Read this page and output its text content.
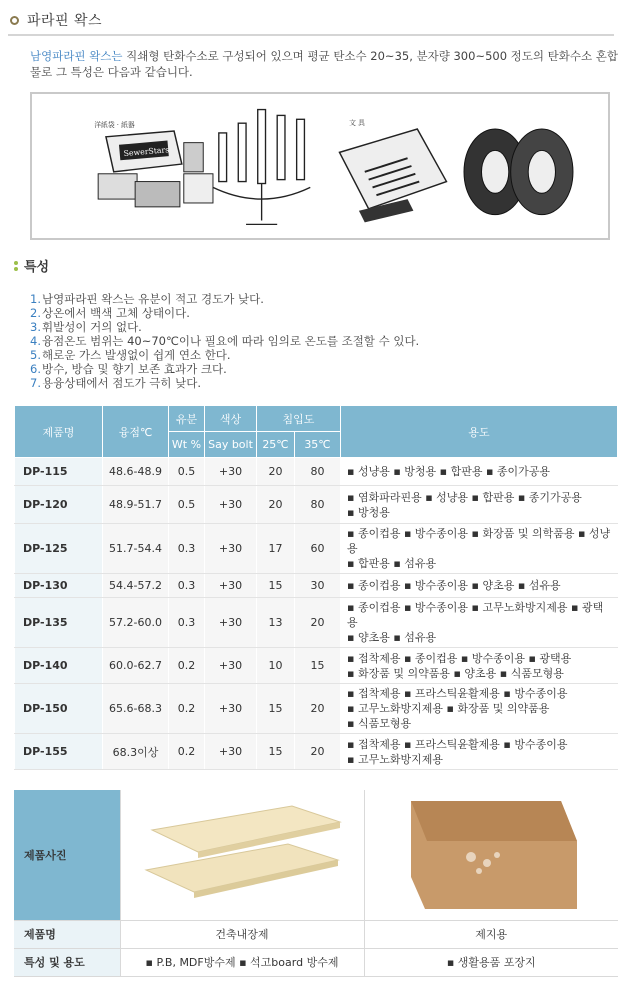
파라핀 왁스

남영파라핀 왁스는 직쇄형 탄화수소로 구성되어 있으며 평균 탄소수 20~35, 분자량 300~500 정도의 탄화수소 혼합물로 그 특성은 다음과 같습니다.

洋紙袋 · 紙器
SewerStars
文 具
특성
1. 남영파라핀 왁스는 유분이 적고 경도가 낮다.
2. 상온에서 백색 고체 상태이다.
3. 휘발성이 거의 없다.
4. 융점온도 범위는 40~70℃이나 필요에 따라 임의로 온도를 조절할 수 있다.
5. 해로운 가스 발생없이 쉽게 연소 한다.
6. 방수, 방습 및 향기 보존 효과가 크다.
7. 용융상태에서 점도가 극히 낮다.
제품명	융점℃	유분	색상	침입도		용도
		Wt %	Say bolt	25℃	35℃	
DP-115	48.6-48.9	0.5	+30	20	80	▪ 성냥용 ▪ 방청용 ▪ 합판용 ▪ 종이가공용

DP-120	48.9-51.7	0.5	+30	20	80	▪ 염화파라핀용 ▪ 성냥용 ▪ 합판용 ▪ 종기가공용
▪ 방청용

DP-125	51.7-54.4	0.3	+30	17	60	▪ 종이컵용 ▪ 방수종이용 ▪ 화장품 및 의학품용 ▪ 성냥용
▪ 합판용 ▪ 섬유용

DP-130	54.4-57.2	0.3	+30	15	30	▪ 종이컵용 ▪ 방수종이용 ▪ 양초용 ▪ 섬유용

DP-135	57.2-60.0	0.3	+30	13	20	▪ 종이컵용 ▪ 방수종이용 ▪ 고무노화방지제용 ▪ 광택용
▪ 양초용 ▪ 섬유용

DP-140	60.0-62.7	0.2	+30	10	15	▪ 접착제용 ▪ 종이컵용 ▪ 방수종이용 ▪ 광택용
▪ 화장품 및 의약품용 ▪ 양초용 ▪ 식품모형용

DP-150	65.6-68.3	0.2	+30	15	20	▪ 접착제용 ▪ 프라스틱윤활제용 ▪ 방수종이용
▪ 고무노화방지제용 ▪ 화장품 및 의약품용
▪ 식품모형용

DP-155	68.3이상	0.2	+30	15	20	▪ 접착제용 ▪ 프라스틱윤활제용 ▪ 방수종이용
▪ 고무노화방지제용
제품사진	

제품명	건축내장제	제지용
특성 및 용도	▪ P.B, MDF방수제 ▪ 석고board 방수제	▪ 생활용품 포장지
